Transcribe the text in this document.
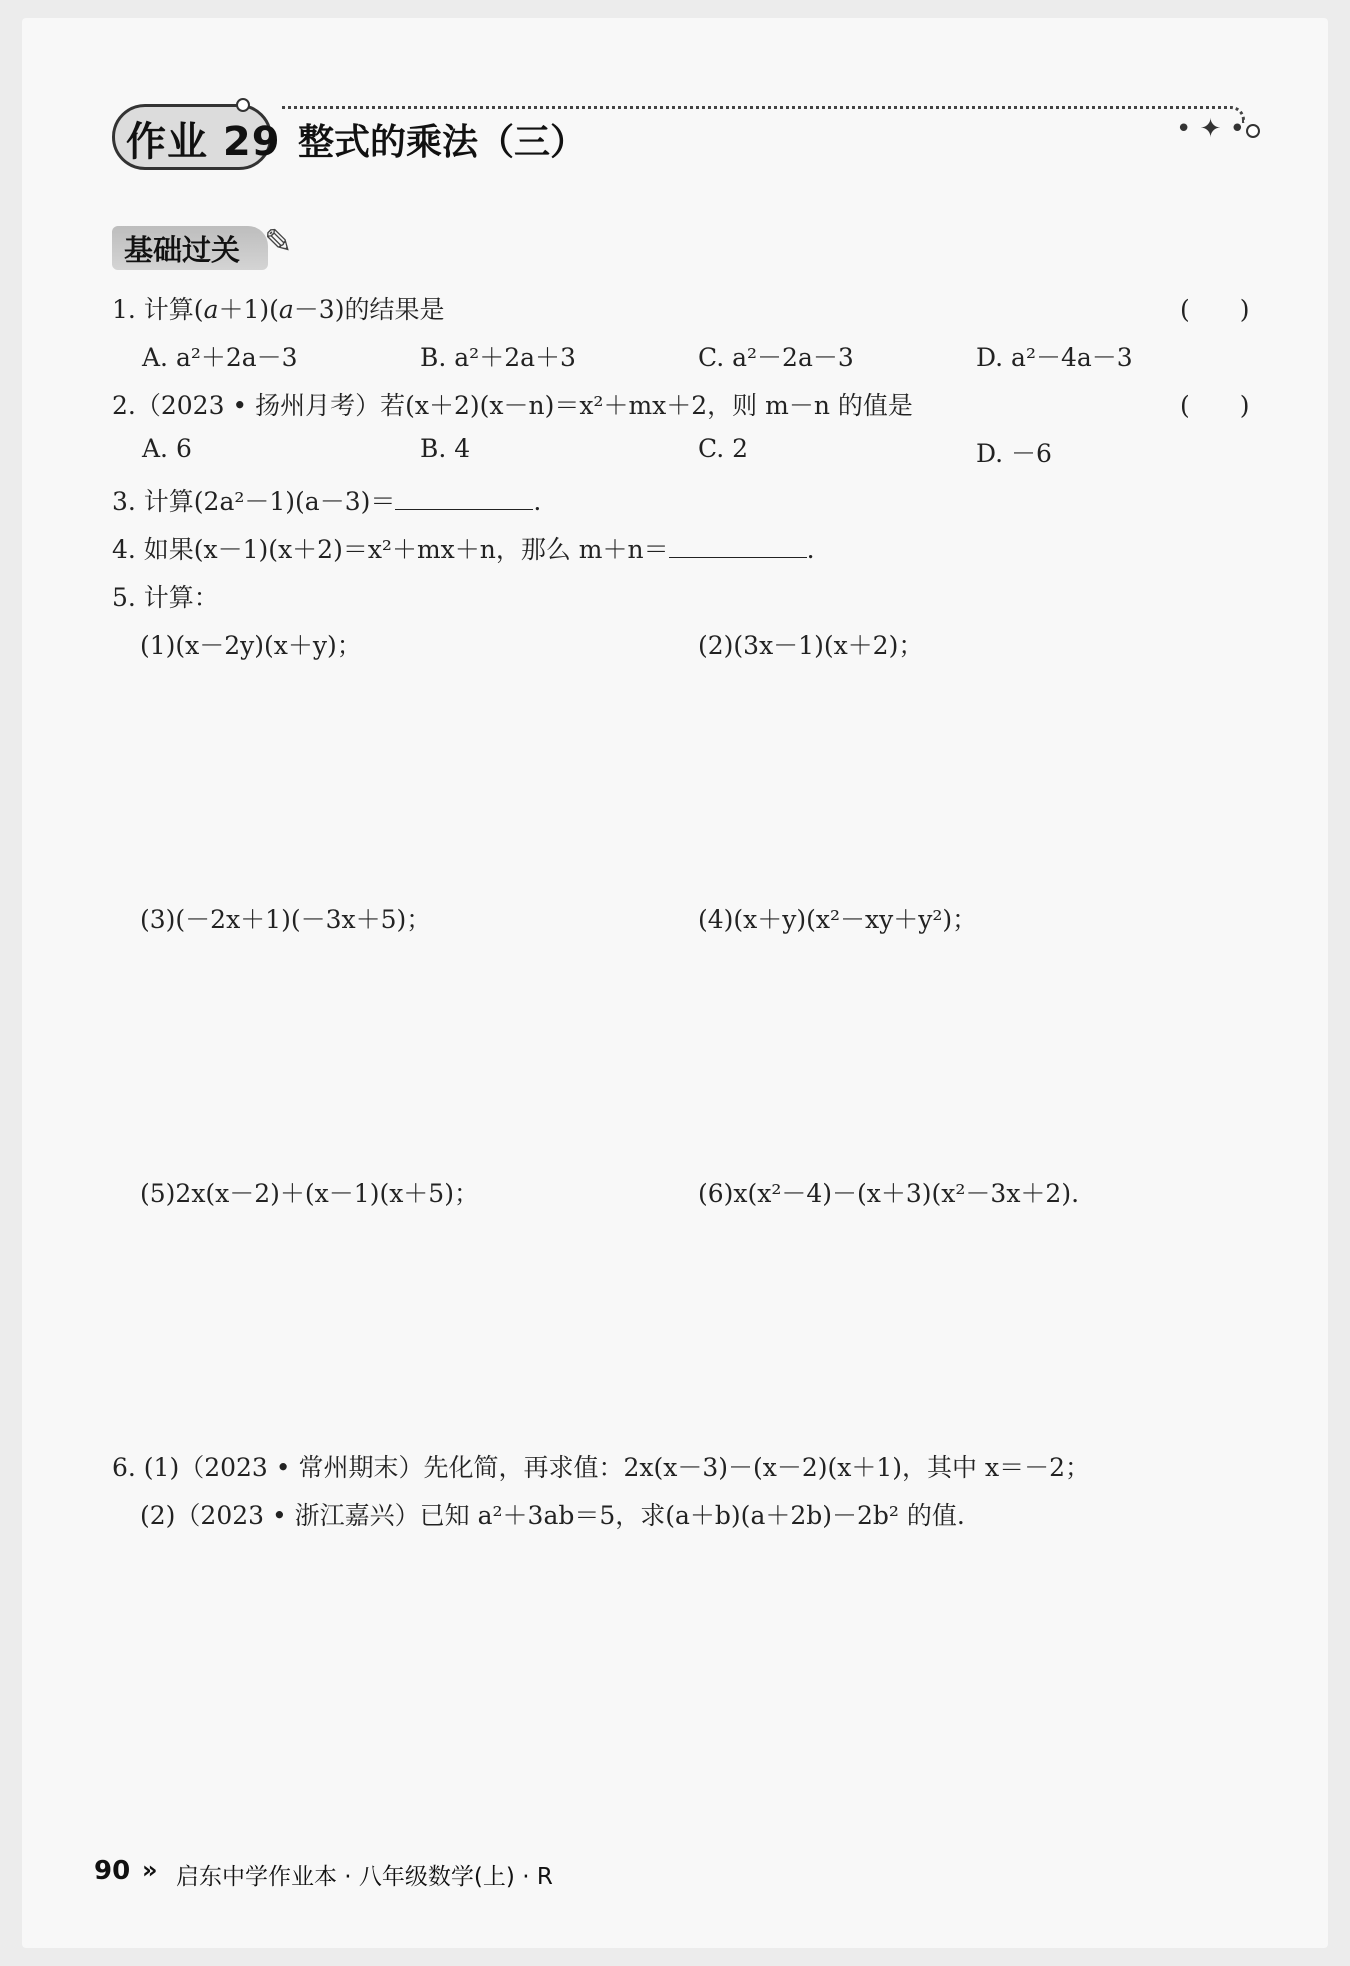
作业 29 整式的乘法（三）	• ✦ •
基础过关 ✎
1. 计算(a＋1)(a－3)的结果是	(　　)
A. a²＋2a－3	B. a²＋2a＋3	C. a²－2a－3	D. a²－4a－3
2.（2023 • 扬州月考）若(x＋2)(x－n)＝x²＋mx＋2，则 m－n 的值是	(　　)
A. 6	B. 4	C. 2	D. －6
3. 计算(2a²－1)(a－3)＝	.
4. 如果(x－1)(x＋2)＝x²＋mx＋n，那么 m＋n＝	.
5. 计算：
(1)(x－2y)(x＋y)；	(2)(3x－1)(x＋2)；
(3)(－2x＋1)(－3x＋5)；	(4)(x＋y)(x²－xy＋y²)；
(5)2x(x－2)＋(x－1)(x＋5)；	(6)x(x²－4)－(x＋3)(x²－3x＋2).
6. (1)（2023 • 常州期末）先化简，再求值：2x(x－3)－(x－2)(x＋1)，其中 x＝－2；
(2)（2023 • 浙江嘉兴）已知 a²＋3ab＝5，求(a＋b)(a＋2b)－2b² 的值.
90 » 启东中学作业本 · 八年级数学(上) · R
